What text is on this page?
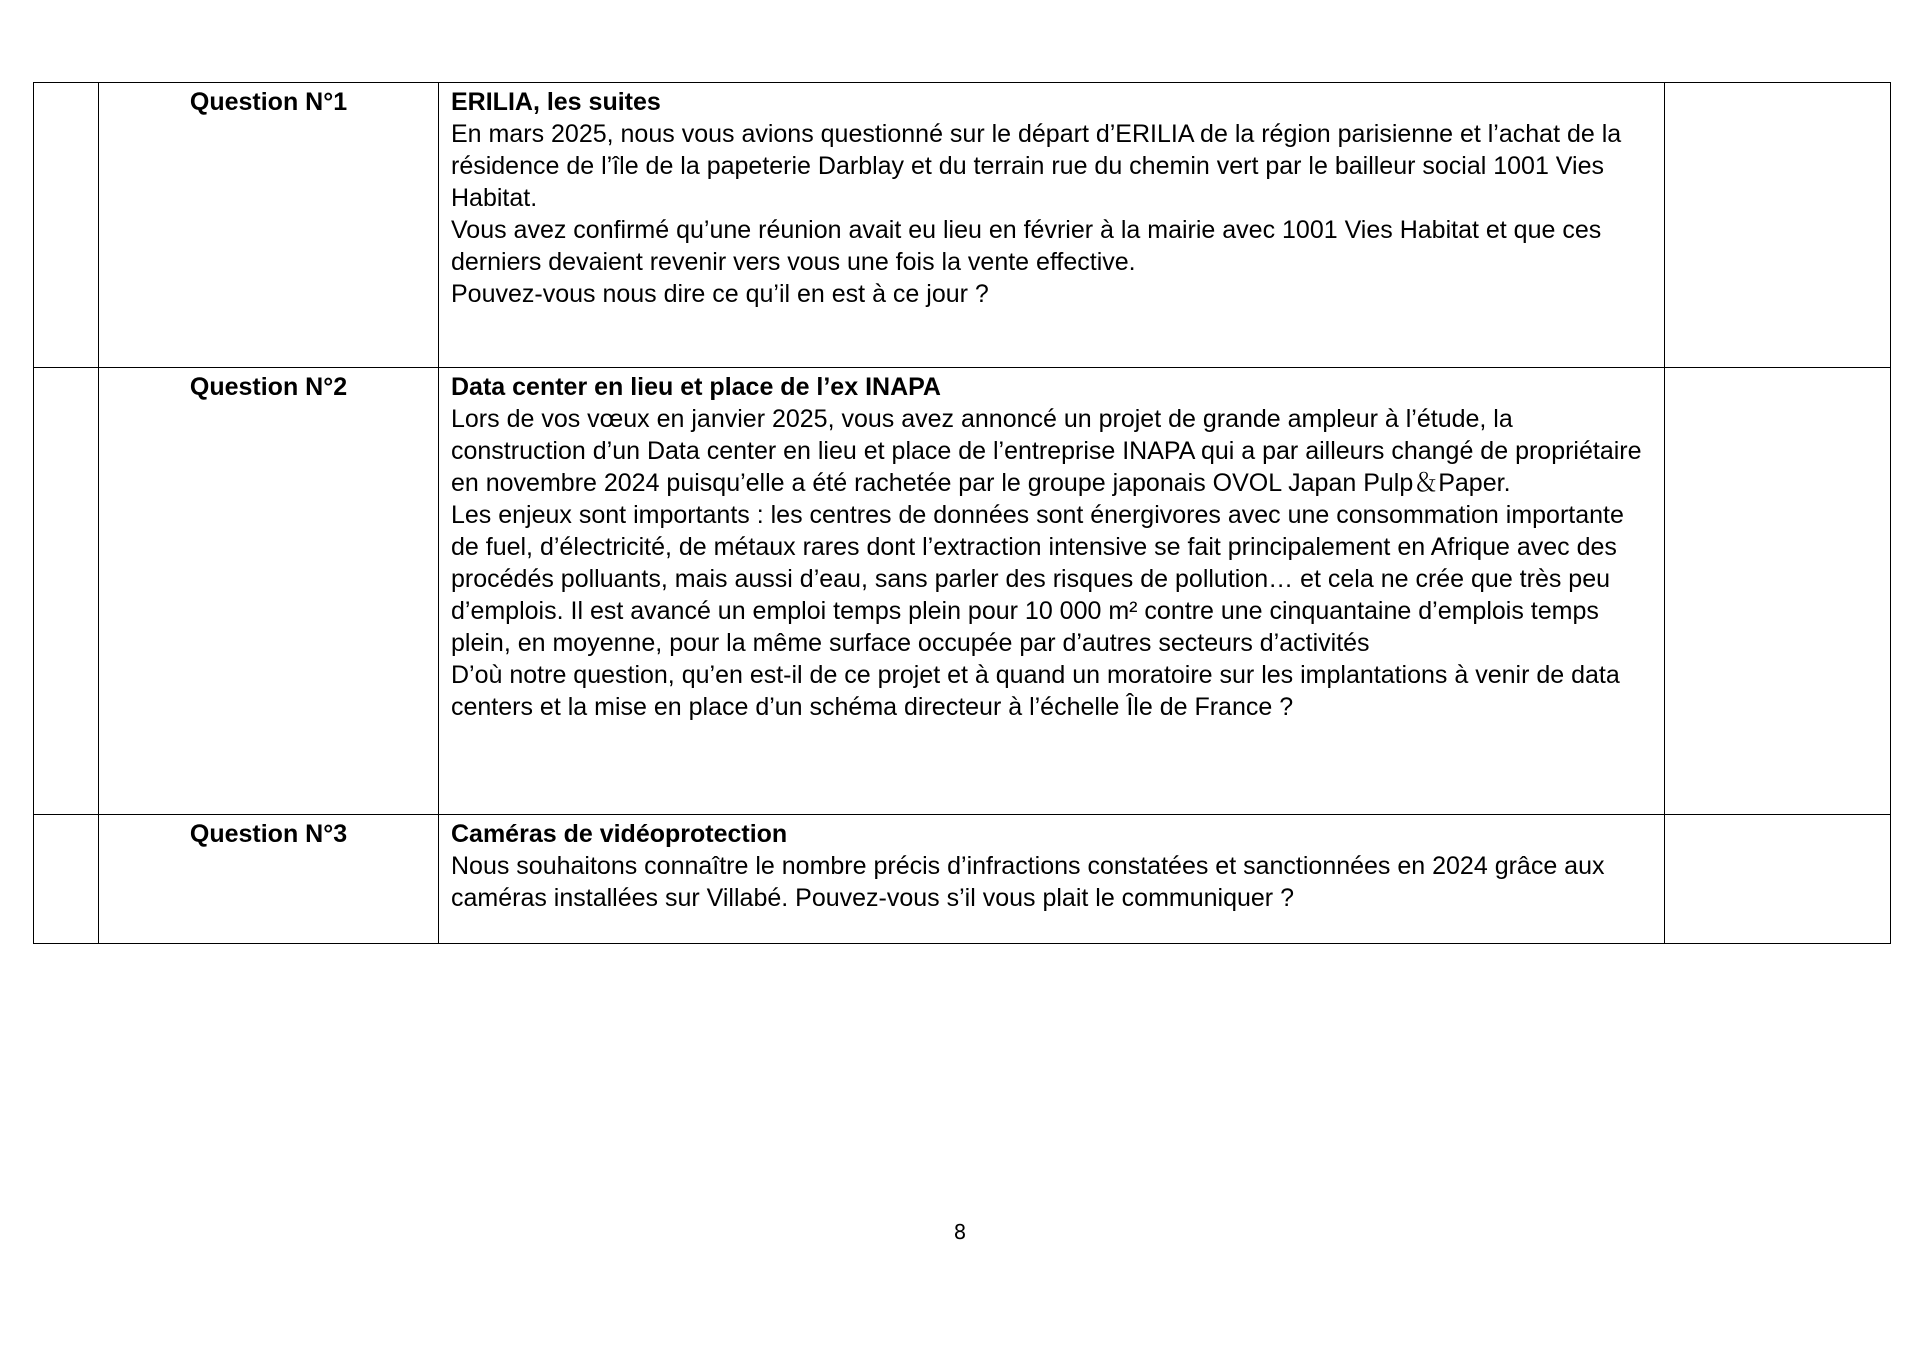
	Question N°1	ERILIA, les suites
En mars 2025, nous vous avions questionné sur le départ d’ERILIA de la région parisienne et l’achat de la résidence de l’île de la papeterie Darblay et du terrain rue du chemin vert par le bailleur social 1001 Vies Habitat.
Vous avez confirmé qu’une réunion avait eu lieu en février à la mairie avec 1001 Vies Habitat et que ces derniers devaient revenir vers vous une fois la vente effective.
Pouvez-vous nous dire ce qu’il en est à ce jour ?	

	Question N°2	Data center en lieu et place de l’ex INAPA
Lors de vos vœux en janvier 2025, vous avez annoncé un projet de grande ampleur à l’étude, la construction d’un Data center en lieu et place de l’entreprise INAPA qui a par ailleurs changé de propriétaire en novembre 2024 puisqu’elle a été rachetée par le groupe japonais OVOL Japan Pulp＆Paper.
Les enjeux sont importants : les centres de données sont énergivores avec une consommation importante de fuel, d’électricité, de métaux rares dont l’extraction intensive se fait principalement en Afrique avec des procédés polluants, mais aussi d’eau, sans parler des risques de pollution… et cela ne crée que très peu d’emplois. Il est avancé un emploi temps plein pour 10 000 m² contre une cinquantaine d’emplois temps plein, en moyenne, pour la même surface occupée par d’autres secteurs d’activités
D’où notre question, qu’en est-il de ce projet et à quand un moratoire sur les implantations à venir de data centers et la mise en place d’un schéma directeur à l’échelle Île de France ?	

	Question N°3	Caméras de vidéoprotection
Nous souhaitons connaître le nombre précis d’infractions constatées et sanctionnées en 2024 grâce aux caméras installées sur Villabé. Pouvez-vous s’il vous plait le communiquer ?	

8
